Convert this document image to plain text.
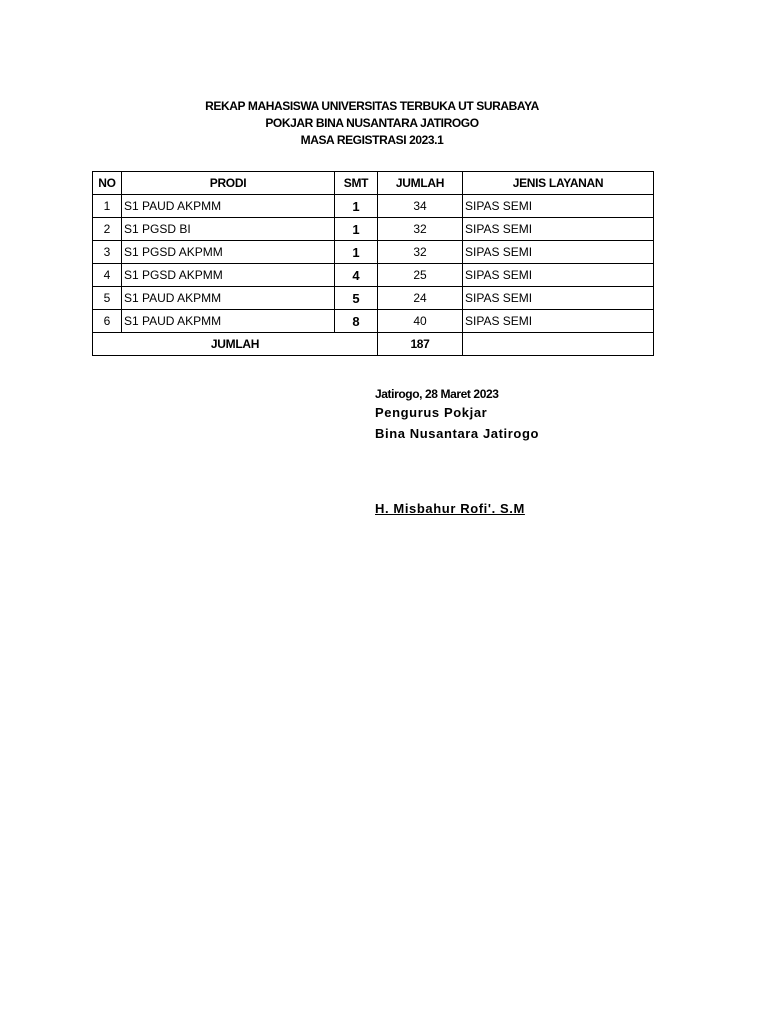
REKAP MAHASISWA UNIVERSITAS TERBUKA UT SURABAYA
POKJAR BINA NUSANTARA JATIROGO
MASA REGISTRASI 2023.1
NO	PRODI	SMT	JUMLAH	JENIS LAYANAN
1	S1 PAUD AKPMM	1	34	SIPAS SEMI
2	S1 PGSD BI	1	32	SIPAS SEMI
3	S1 PGSD AKPMM	1	32	SIPAS SEMI
4	S1 PGSD AKPMM	4	25	SIPAS SEMI
5	S1 PAUD AKPMM	5	24	SIPAS SEMI
6	S1 PAUD AKPMM	8	40	SIPAS SEMI
JUMLAH			187	
Jatirogo, 28 Maret 2023
Pengurus Pokjar
Bina Nusantara Jatirogo
H. Misbahur Rofi'. S.M
